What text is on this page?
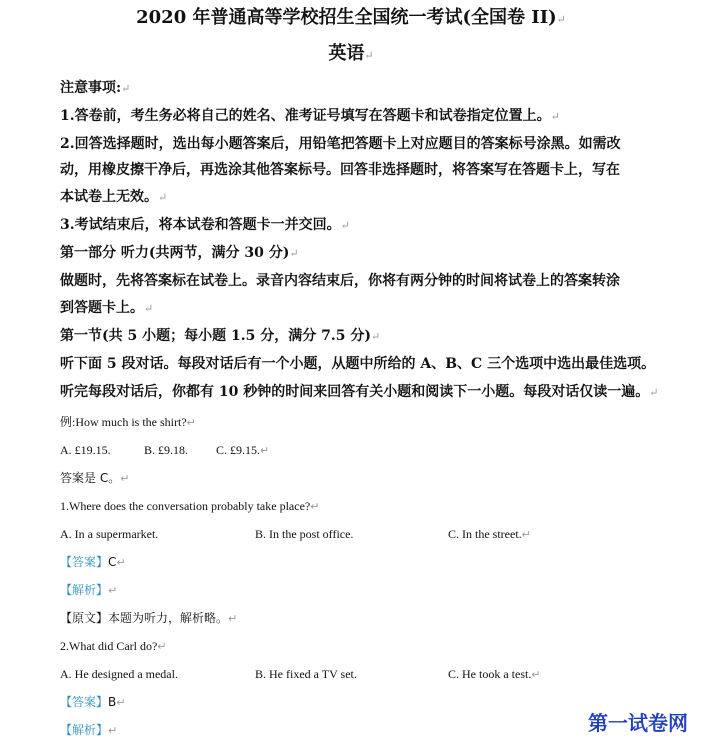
2020 年普通高等学校招生全国统一考试(全国卷 II)↵
英语↵
注意事项:↵
1.答卷前，考生务必将自己的姓名、准考证号填写在答题卡和试卷指定位置上。↵
2.回答选择题时，选出每小题答案后，用铅笔把答题卡上对应题目的答案标号涂黑。如需改
动，用橡皮擦干净后，再选涂其他答案标号。回答非选择题时，将答案写在答题卡上，写在
本试卷上无效。↵
3.考试结束后，将本试卷和答题卡一并交回。↵
第一部分 听力(共两节，满分 30 分)↵
做题时，先将答案标在试卷上。录音内容结束后，你将有两分钟的时间将试卷上的答案转涂
到答题卡上。↵
第一节(共 5 小题；每小题 1.5 分，满分 7.5 分)↵
听下面 5 段对话。每段对话后有一个小题，从题中所给的 A、B、C 三个选项中选出最佳选项。
听完每段对话后，你都有 10 秒钟的时间来回答有关小题和阅读下一小题。每段对话仅读一遍。↵
例:How much is the shirt?↵
A. £19.15.	B. £9.18. C. £9.15.↵
答案是 C。↵
1.Where does the conversation probably take place?↵
A. In a supermarket.	B. In the post office.	C. In the street.↵
【答案】C↵
【解析】↵
【原文】本题为听力，解析略。↵
2.What did Carl do?↵
A. He designed a medal.	B. He fixed a TV set.	C. He took a test.↵
【答案】B↵
【解析】↵	第一试卷网
